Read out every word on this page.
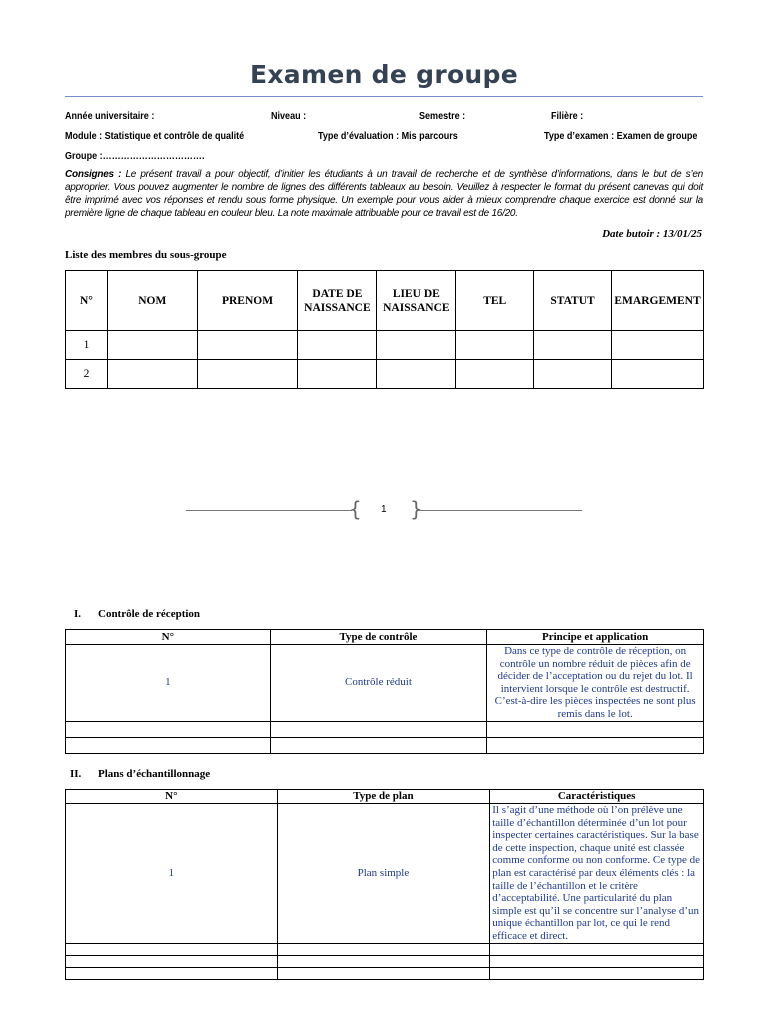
Examen de groupe
Année universitaire :	Niveau :	Semestre :	Filière :
Module : Statistique et contrôle de qualité	Type d’évaluation : Mis parcours	Type d’examen : Examen de groupe
Groupe :…………………………….
Consignes : Le présent travail a pour objectif, d’initier les étudiants à un travail de recherche et de synthèse d’informations, dans le but de s’en approprier. Vous pouvez augmenter le nombre de lignes des différents tableaux au besoin. Veuillez à respecter le format du présent canevas qui doit être imprimé avec vos réponses et rendu sous forme physique. Un exemple pour vous aider à mieux comprendre chaque exercice est donné sur la première ligne de chaque tableau en couleur bleu. La note maximale attribuable pour ce travail est de 16/20.
Date butoir : 13/01/25
Liste des membres du sous-groupe
N°	NOM	PRENOM	DATE DE NAISSANCE	LIEU DE NAISSANCE	TEL	STATUT	EMARGEMENT
1							
2							
{ 1 }
I. Contrôle de réception
N°	Type de contrôle	Principe et application
1	Contrôle réduit	Dans ce type de contrôle de réception, on contrôle un nombre réduit de pièces afin de décider de l’acceptation ou du rejet du lot. Il intervient lorsque le contrôle est destructif. C’est-à-dire les pièces inspectées ne sont plus remis dans le lot.

II. Plans d’échantillonnage
N°	Type de plan	Caractéristiques
1	Plan simple	Il s’agit d’une méthode où l’on prélève une taille d’échantillon déterminée d’un lot pour inspecter certaines caractéristiques. Sur la base de cette inspection, chaque unité est classée comme conforme ou non conforme. Ce type de plan est caractérisé par deux éléments clés : la taille de l’échantillon et le critère d’acceptabilité. Une particularité du plan simple est qu’il se concentre sur l’analyse d’un unique échantillon par lot, ce qui le rend efficace et direct.
